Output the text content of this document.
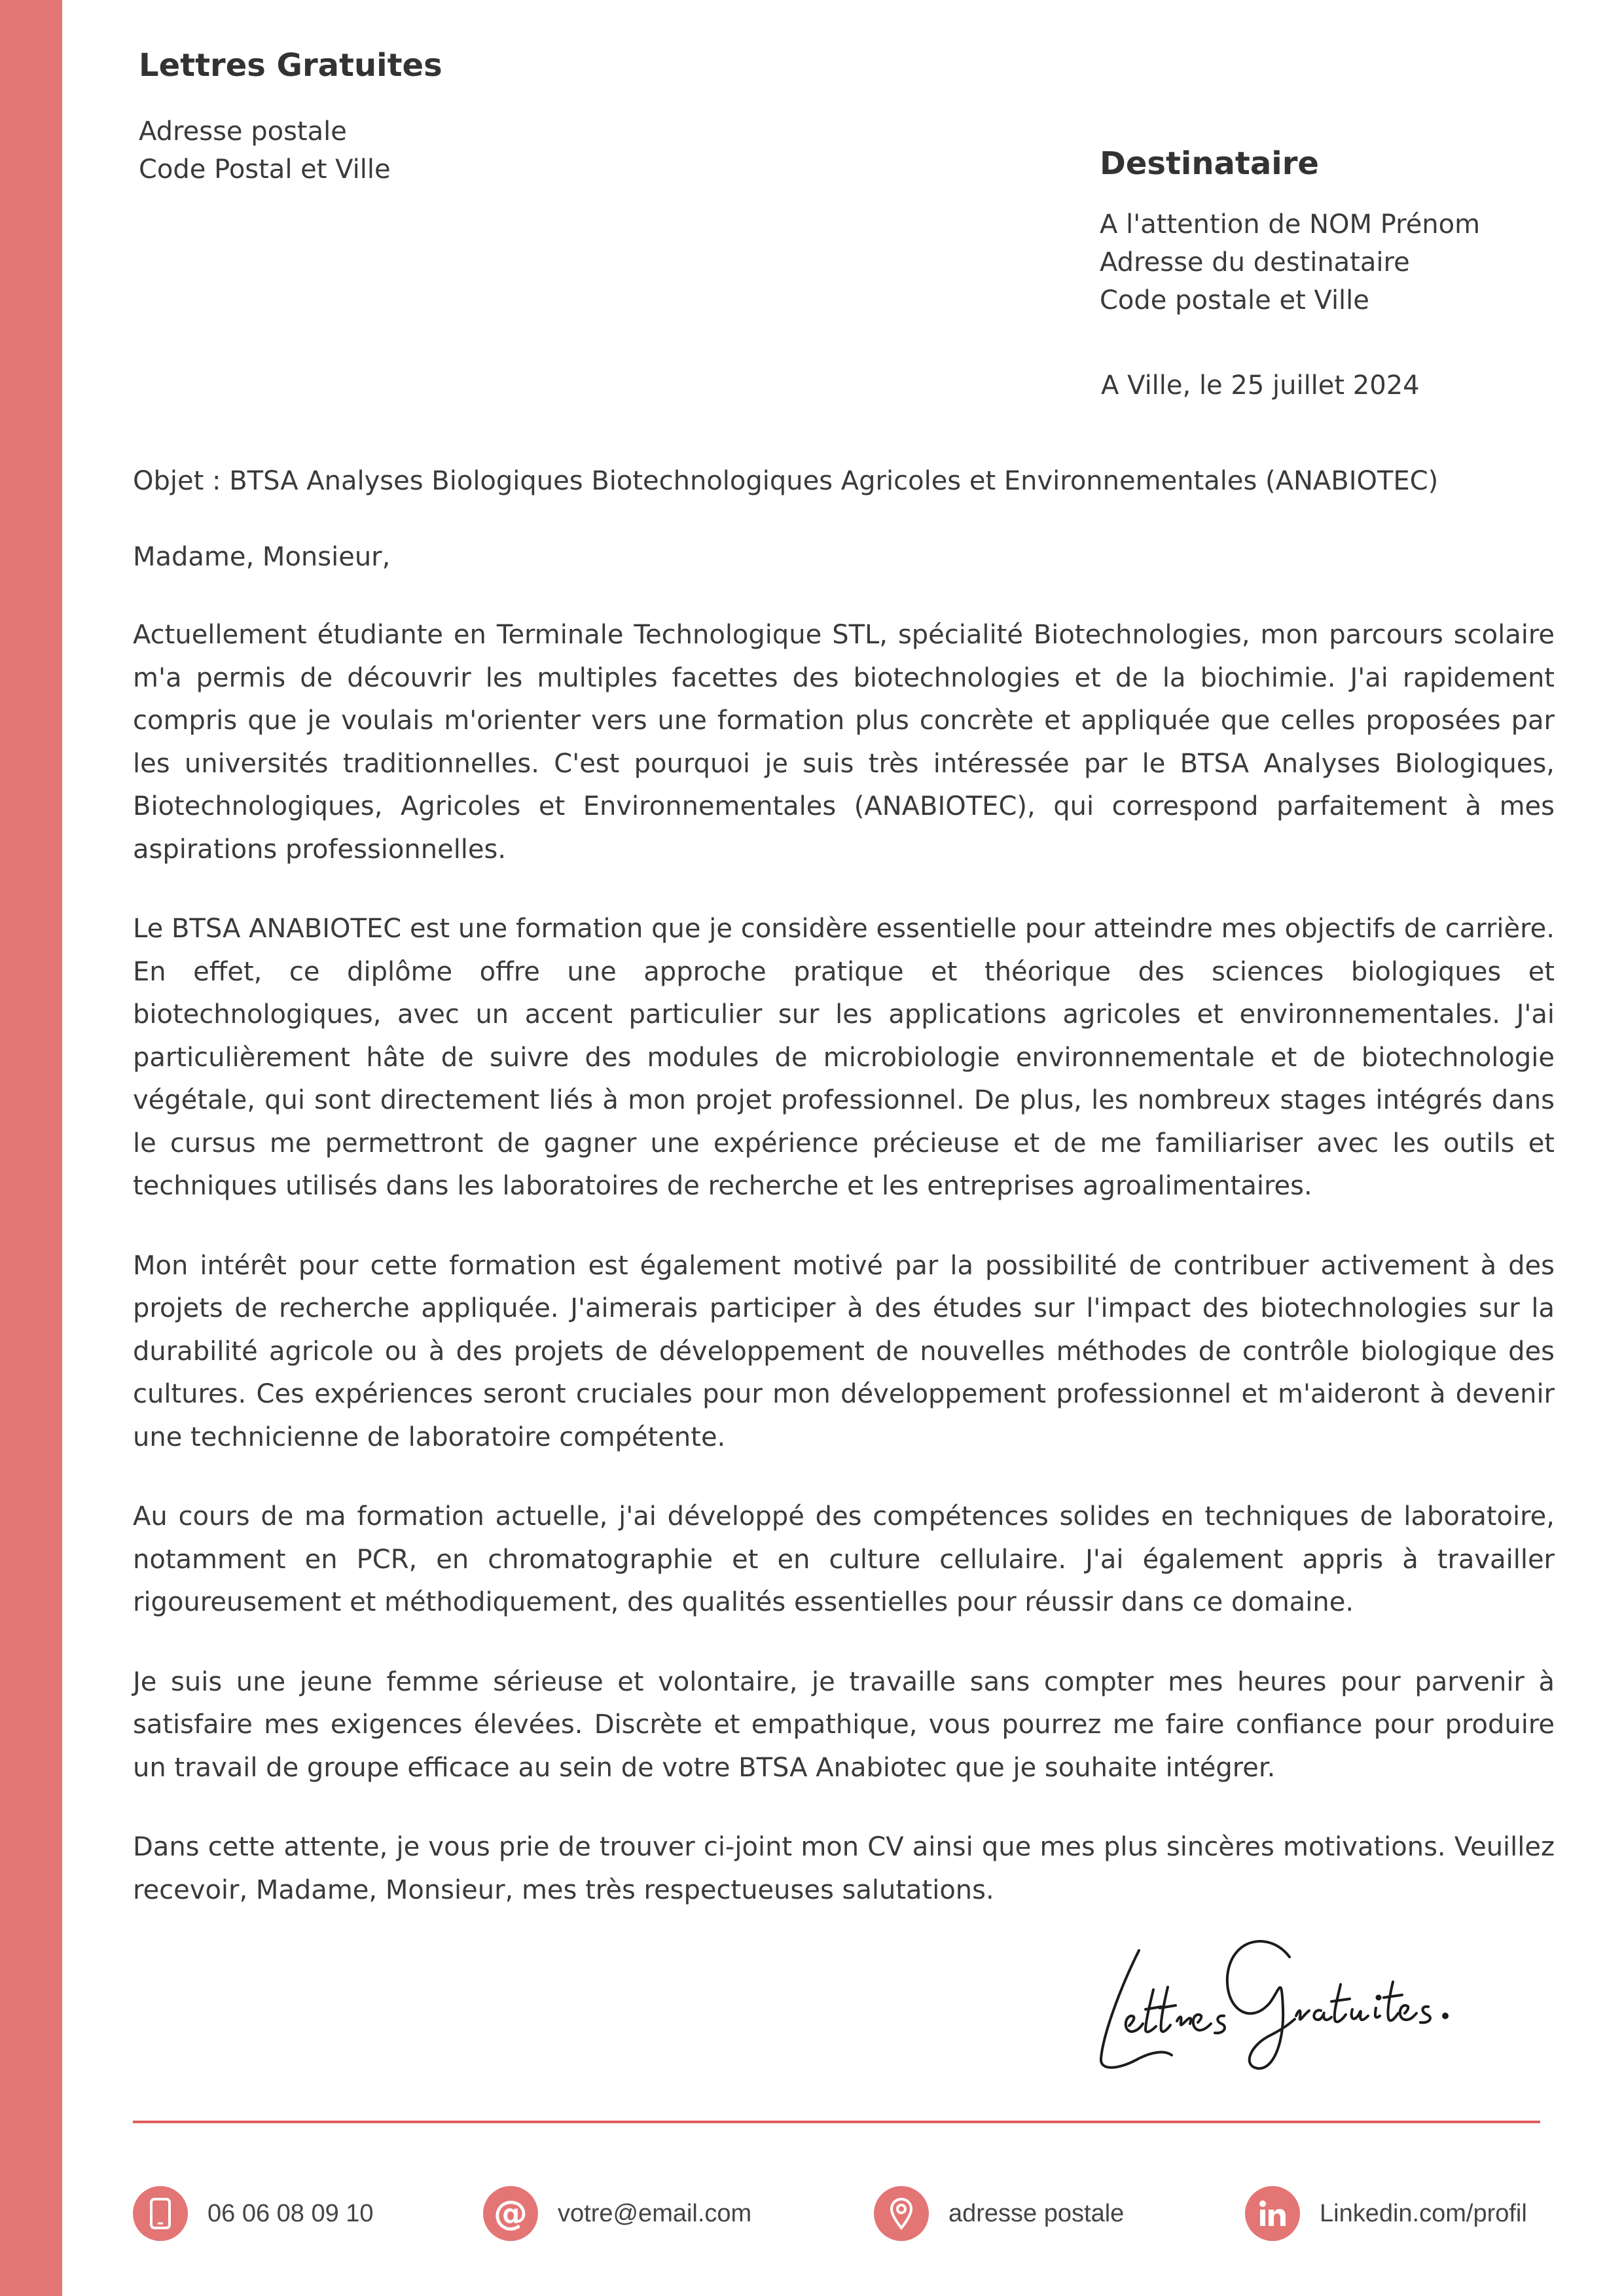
Lettres Gratuites
Adresse postale
Code Postal et Ville	Destinataire
A l'attention de NOM Prénom
Adresse du destinataire
Code postale et Ville
A Ville, le 25 juillet 2024

Objet : BTSA Analyses Biologiques Biotechnologiques Agricoles et Environnementales (ANABIOTEC)

Madame, Monsieur,

Actuellement étudiante en Terminale Technologique STL, spécialité Biotechnologies, mon parcours scolaire m'a permis de découvrir les multiples facettes des biotechnologies et de la biochimie. J'ai rapidement compris que je voulais m'orienter vers une formation plus concrète et appliquée que celles proposées par les universités traditionnelles. C'est pourquoi je suis très intéressée par le BTSA Analyses Biologiques, Biotechnologiques, Agricoles et Environnementales (ANABIOTEC), qui correspond parfaitement à mes aspirations professionnelles.

Le BTSA ANABIOTEC est une formation que je considère essentielle pour atteindre mes objectifs de carrière. En effet, ce diplôme offre une approche pratique et théorique des sciences biologiques et biotechnologiques, avec un accent particulier sur les applications agricoles et environnementales. J'ai particulièrement hâte de suivre des modules de microbiologie environnementale et de biotechnologie végétale, qui sont directement liés à mon projet professionnel. De plus, les nombreux stages intégrés dans le cursus me permettront de gagner une expérience précieuse et de me familiariser avec les outils et techniques utilisés dans les laboratoires de recherche et les entreprises agroalimentaires.

Mon intérêt pour cette formation est également motivé par la possibilité de contribuer activement à des projets de recherche appliquée. J'aimerais participer à des études sur l'impact des biotechnologies sur la durabilité agricole ou à des projets de développement de nouvelles méthodes de contrôle biologique des cultures. Ces expériences seront cruciales pour mon développement professionnel et m'aideront à devenir une technicienne de laboratoire compétente.

Au cours de ma formation actuelle, j'ai développé des compétences solides en techniques de laboratoire, notamment en PCR, en chromatographie et en culture cellulaire. J'ai également appris à travailler rigoureusement et méthodiquement, des qualités essentielles pour réussir dans ce domaine.

Je suis une jeune femme sérieuse et volontaire, je travaille sans compter mes heures pour parvenir à satisfaire mes exigences élevées. Discrète et empathique, vous pourrez me faire confiance pour produire un travail de groupe efficace au sein de votre BTSA Anabiotec que je souhaite intégrer.

Dans cette attente, je vous prie de trouver ci-joint mon CV ainsi que mes plus sincères motivations. Veuillez recevoir, Madame, Monsieur, mes très respectueuses salutations.

06 06 08 09 10	@ votre@email.com	adresse postale	Linkedin.com/profil
